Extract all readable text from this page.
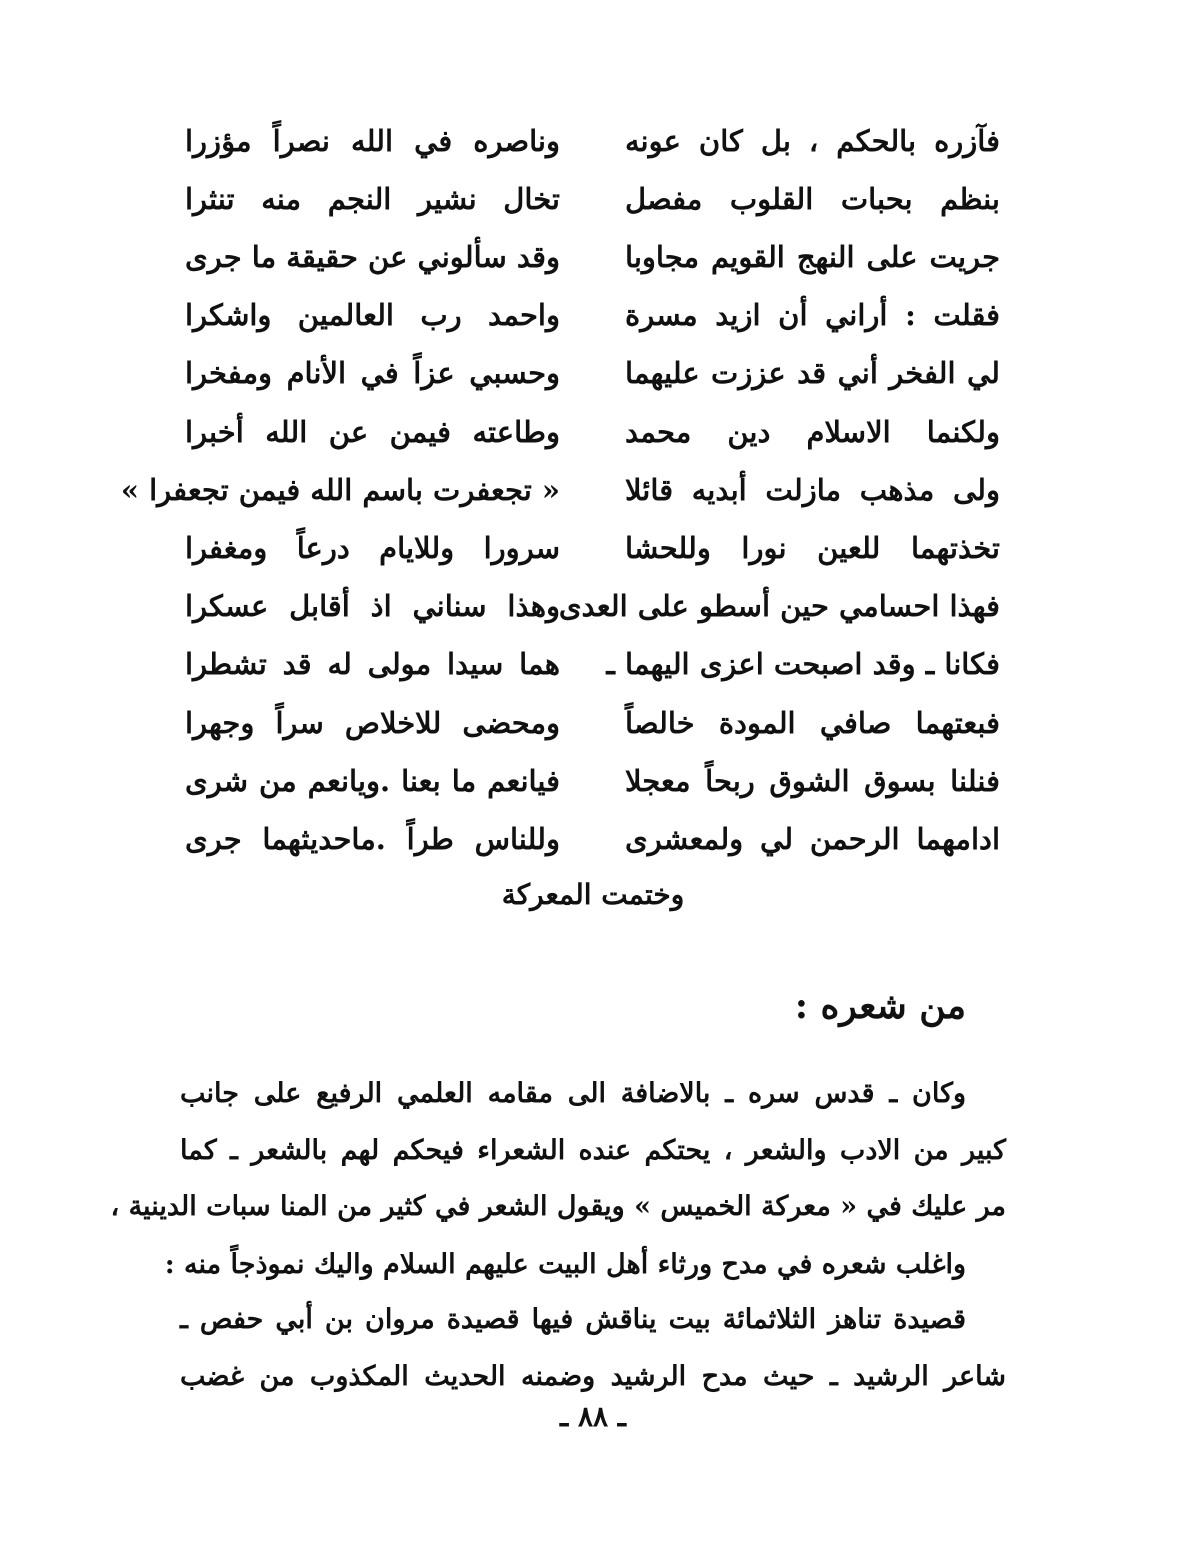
فآزره بالحكم ، بل كان عونه
وناصره في الله نصراً مؤزرا
بنظم بحبات القلوب مفصل
تخال نشير النجم منه تنثرا
جريت على النهج القويم مجاوبا
وقد سألوني عن حقيقة ما جرى
فقلت : أراني أن ازيد مسرة
واحمد رب العالمين واشكرا
لي الفخر أني قد عززت عليهما
وحسبي عزاً في الأنام ومفخرا
ولكنما الاسلام دين محمد
وطاعته فيمن عن الله أخبرا
ولى مذهب مازلت أبديه قائلا
« تجعفرت باسم الله فيمن تجعفرا »
تخذتهما للعين نورا وللحشا
سرورا وللايام درعاً ومغفرا
فهذا احسامي حين أسطو على العدى
وهذا سناني اذ أقابل عسكرا
فكانا ـ وقد اصبحت اعزى اليهما ـ
هما سيدا مولى له قد تشطرا
فبعتهما صافي المودة خالصاً
ومحضى للاخلاص سراً وجهرا
فنلنا بسوق الشوق ربحاً معجلا
فيانعم ما بعنا .ويانعم من شرى
ادامهما الرحمن لي ولمعشرى
وللناس طراً .ماحديثهما جرى
وختمت المعركة
من شعره :
وكان ـ قدس سره ـ بالاضافة الى مقامه العلمي الرفيع على جانب
كبير من الادب والشعر ، يحتكم عنده الشعراء فيحكم لهم بالشعر ـ كما
مر عليك في « معركة الخميس » ويقول الشعر في كثير من المنا سبات الدينية ،
واغلب شعره في مدح ورثاء أهل البيت عليهم السلام واليك نموذجاً منه :
قصيدة تناهز الثلاثمائة بيت يناقش فيها قصيدة مروان بن أبي حفص ـ
شاعر الرشيد ـ حيث مدح الرشيد وضمنه الحديث المكذوب من غضب
ـ ٨٨ ـ
